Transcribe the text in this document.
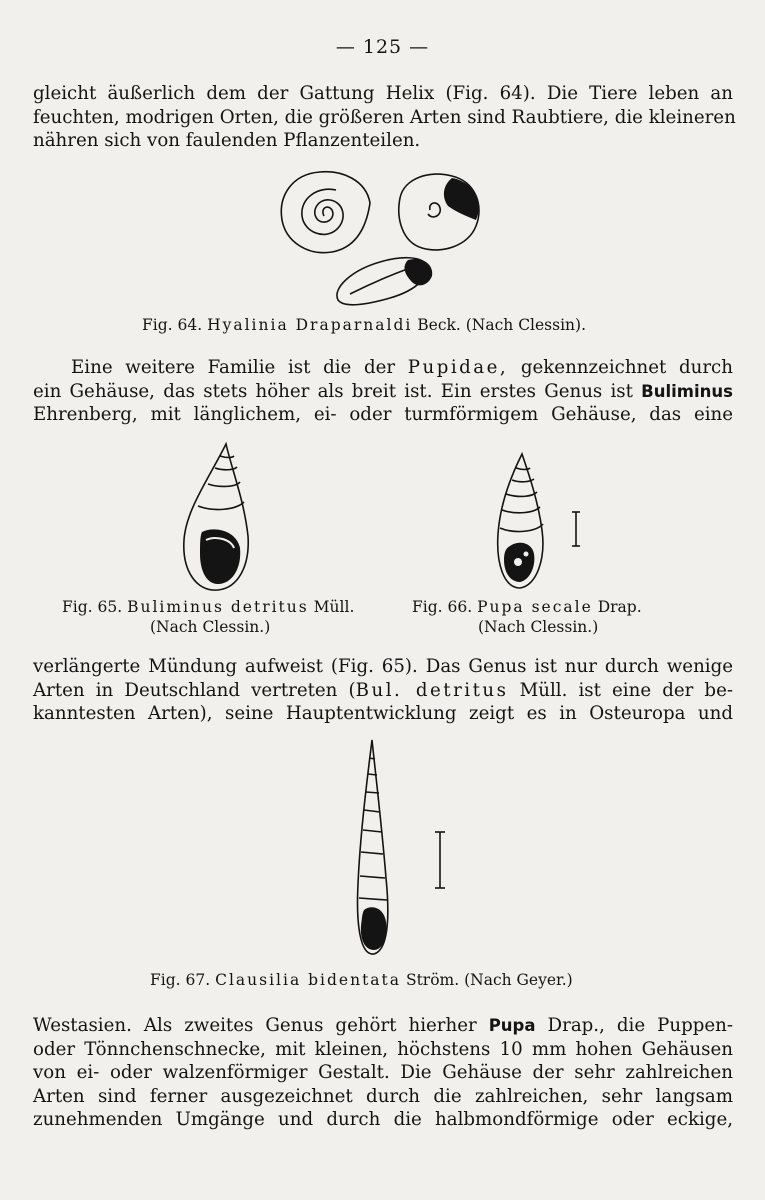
— 125 —
gleicht äußerlich dem der Gattung Helix (Fig. 64). Die Tiere leben an
feuchten, modrigen Orten, die größeren Arten sind Raubtiere, die kleineren
nähren sich von faulenden Pflanzenteilen.
Fig. 64. Hyalinia Draparnaldi Beck. (Nach Clessin).
Eine weitere Familie ist die der Pupidae, gekennzeichnet durch
ein Gehäuse, das stets höher als breit ist. Ein erstes Genus ist Buliminus
Ehrenberg, mit länglichem, ei- oder turmförmigem Gehäuse, das eine
Fig. 65. Buliminus detritus Müll.
(Nach Clessin.)
Fig. 66. Pupa secale Drap.
(Nach Clessin.)
verlängerte Mündung aufweist (Fig. 65). Das Genus ist nur durch wenige
Arten in Deutschland vertreten (Bul. detritus Müll. ist eine der be-
kanntesten Arten), seine Hauptentwicklung zeigt es in Osteuropa und
Fig. 67. Clausilia bidentata Ström. (Nach Geyer.)
Westasien. Als zweites Genus gehört hierher Pupa Drap., die Puppen-
oder Tönnchenschnecke, mit kleinen, höchstens 10 mm hohen Gehäusen
von ei- oder walzenförmiger Gestalt. Die Gehäuse der sehr zahlreichen
Arten sind ferner ausgezeichnet durch die zahlreichen, sehr langsam
zunehmenden Umgänge und durch die halbmondförmige oder eckige,
